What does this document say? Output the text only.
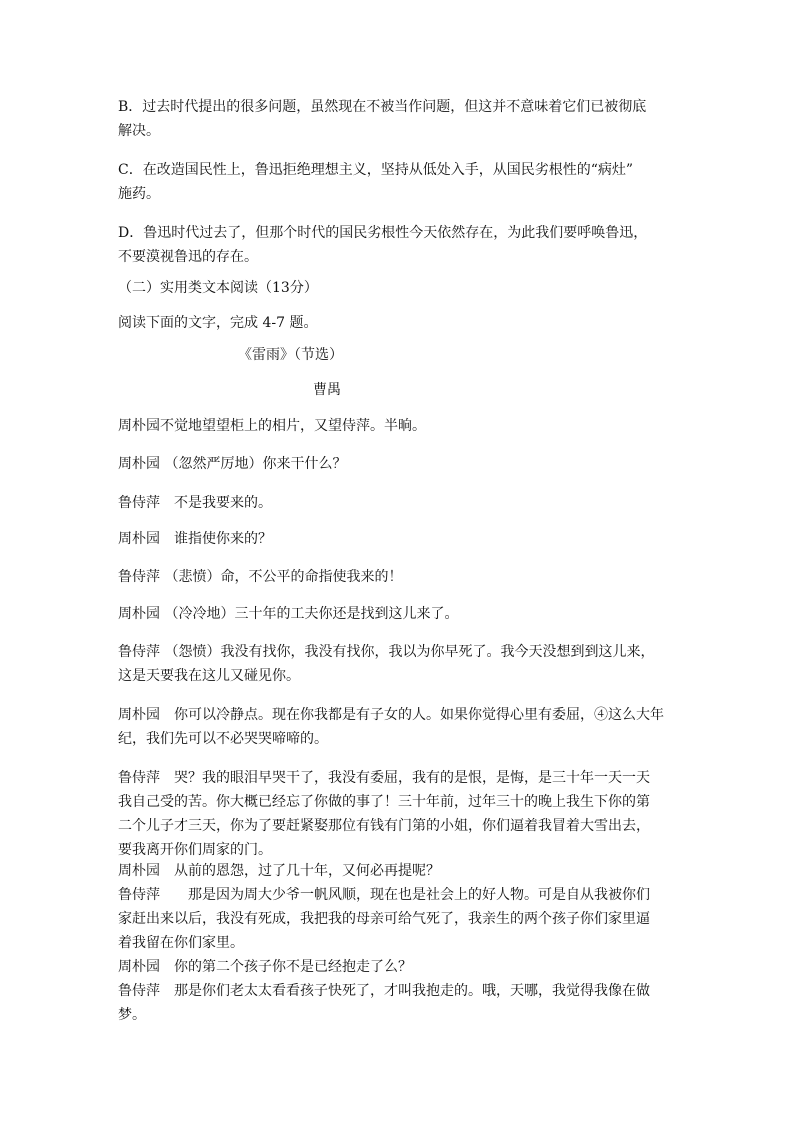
B．过去时代提出的很多问题，虽然现在不被当作问题，但这并不意味着它们已被彻底
解决。
C．在改造国民性上，鲁迅拒绝理想主义，坚持从低处入手，从国民劣根性的“病灶”
施药。
D．鲁迅时代过去了，但那个时代的国民劣根性今天依然存在，为此我们要呼唤鲁迅，
不要漠视鲁迅的存在。
（二）实用类文本阅读（13分）
阅读下面的文字，完成 4-7 题。
《雷雨》（节选）
曹禺
周朴园不觉地望望柜上的相片，又望侍萍。半晌。
周朴园 （忽然严厉地）你来干什么？
鲁侍萍　不是我要来的。
周朴园　谁指使你来的？
鲁侍萍 （悲愤）命，不公平的命指使我来的！
周朴园 （冷冷地）三十年的工夫你还是找到这儿来了。
鲁侍萍 （怨愤）我没有找你，我没有找你，我以为你早死了。我今天没想到到这儿来，
这是天要我在这儿又碰见你。
周朴园　你可以冷静点。现在你我都是有子女的人。如果你觉得心里有委屈，④这么大年
纪，我们先可以不必哭哭啼啼的。
鲁侍萍　哭？我的眼泪早哭干了，我没有委屈，我有的是恨，是悔，是三十年一天一天
我自己受的苦。你大概已经忘了你做的事了！三十年前，过年三十的晚上我生下你的第
二个儿子才三天，你为了要赶紧娶那位有钱有门第的小姐，你们逼着我冒着大雪出去，
要我离开你们周家的门。
周朴园　从前的恩怨，过了几十年，又何必再提呢？
鲁侍萍　　那是因为周大少爷一帆风顺，现在也是社会上的好人物。可是自从我被你们
家赶出来以后，我没有死成，我把我的母亲可给气死了，我亲生的两个孩子你们家里逼
着我留在你们家里。
周朴园　你的第二个孩子你不是已经抱走了么？
鲁侍萍　那是你们老太太看看孩子快死了，才叫我抱走的。哦，天哪，我觉得我像在做
梦。
